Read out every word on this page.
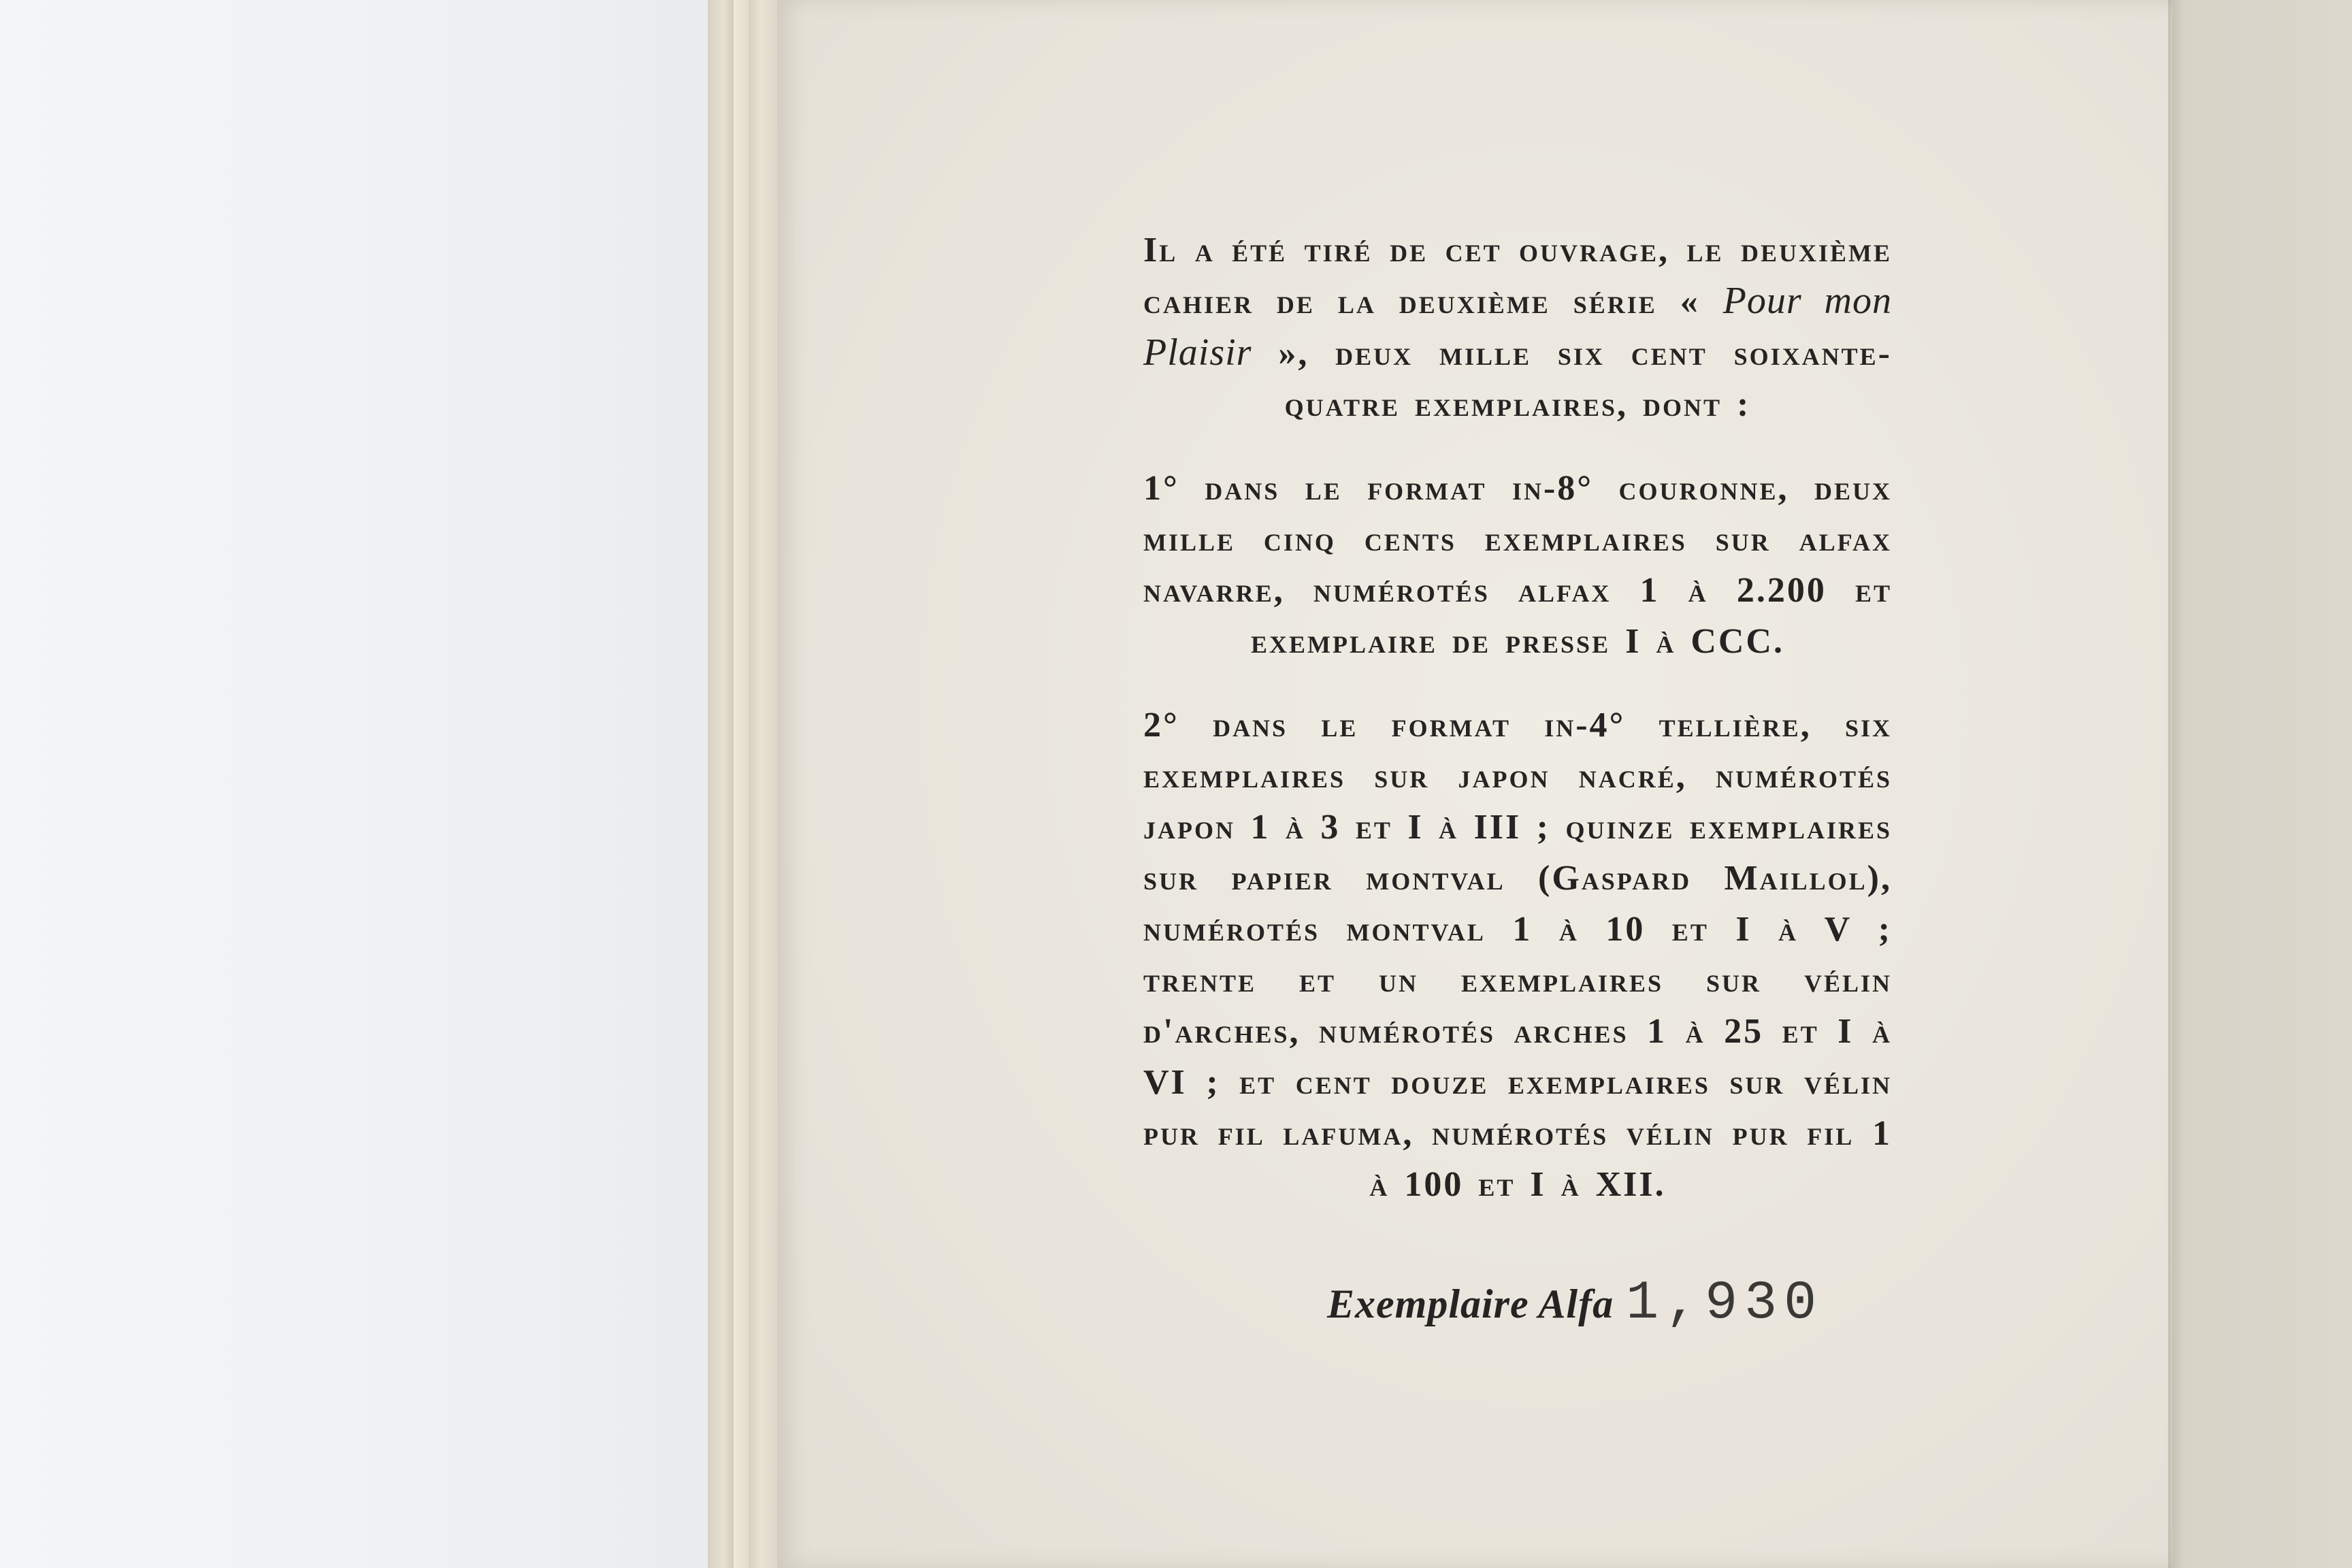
Il a été tiré de cet ouvrage, le deuxième cahier de la deuxième série « Pour mon Plaisir », deux mille six cent soixante-quatre exemplaires, dont :

1° dans le format in-8° couronne, deux mille cinq cents exemplaires sur alfax navarre, numérotés alfax 1 à 2.200 et exemplaire de presse I à CCC.

2° dans le format in-4° tellière, six exemplaires sur japon nacré, numérotés japon 1 à 3 et I à III ; quinze exemplaires sur papier montval (Gaspard Maillol), numérotés montval 1 à 10 et I à V ; trente et un exemplaires sur vélin d'arches, numérotés arches 1 à 25 et I à VI ; et cent douze exemplaires sur vélin pur fil lafuma, numérotés vélin pur fil 1 à 100 et I à XII.

Exemplaire Alfa 1,930
